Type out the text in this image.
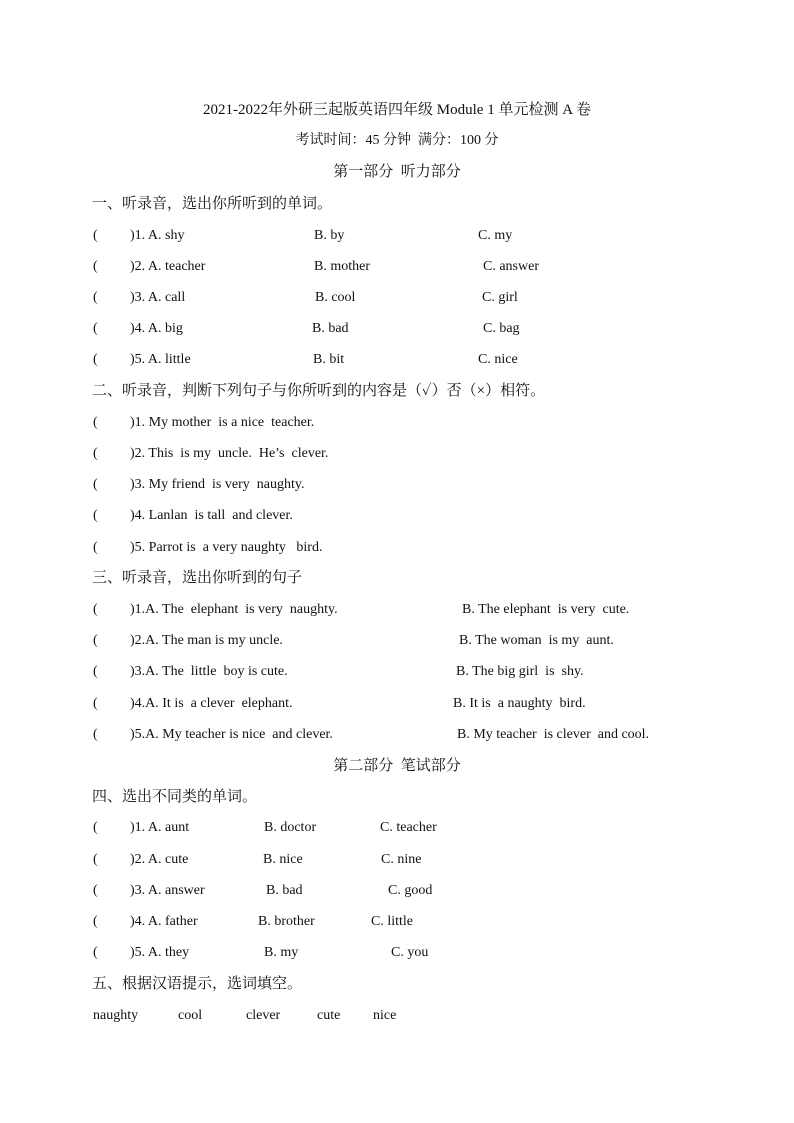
2021-2022年外研三起版英语四年级 Module 1 单元检测 A 卷
考试时间：45 分钟  满分：100 分
第一部分  听力部分
一、听录音，选出你所听到的单词。
( )1. A. shy	B. by	C. my
( )2. A. teacher	B. mother	C. answer
( )3. A. call	B. cool	C. girl
( )4. A. big	B. bad	C. bag
( )5. A. little	B. bit	C. nice
二、听录音，判断下列句子与你所听到的内容是（✓）否（×）相符。
( )1. My mother  is a nice  teacher.
( )2. This  is my  uncle.  He’s  clever.
( )3. My friend  is very  naughty.
( )4. Lanlan  is tall  and clever.
( )5. Parrot is  a very naughty   bird.
三、听录音，选出你听到的句子
( )1.A. The  elephant  is very  naughty.	B. The elephant  is very  cute.
( )2.A. The man is my uncle.	B. The woman  is my  aunt.
( )3.A. The  little  boy is cute.	B. The big girl  is  shy.
( )4.A. It is  a clever  elephant.	B. It is  a naughty  bird.
( )5.A. My teacher is nice  and clever.	B. My teacher  is clever  and cool.
第二部分  笔试部分
四、选出不同类的单词。
( )1. A. aunt	B. doctor	C. teacher
( )2. A. cute	B. nice	C. nine
( )3. A. answer	B. bad	C. good
( )4. A. father	B. brother	C. little
( )5. A. they	B. my	C. you
五、根据汉语提示，选词填空。
naughty	cool	clever	cute nice
